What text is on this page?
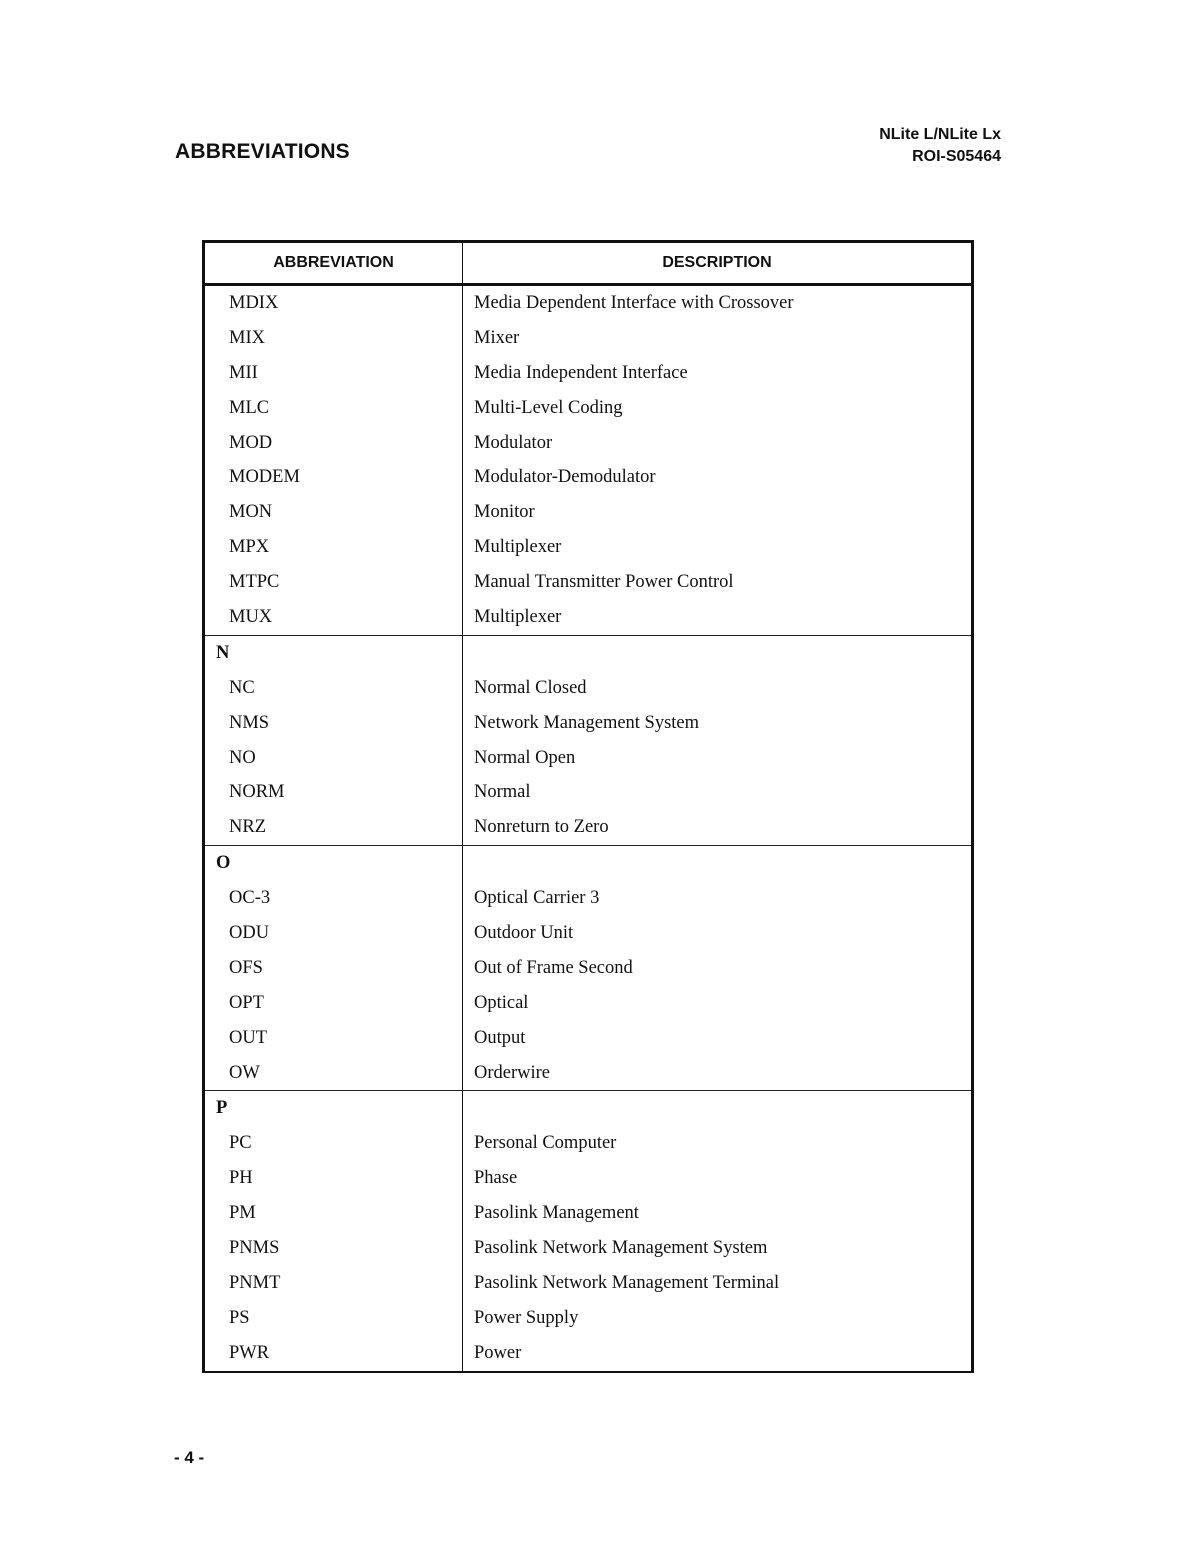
ABBREVIATIONS
NLite L/NLite Lx
ROI-S05464
ABBREVIATION	DESCRIPTION
MDIX	Media Dependent Interface with Crossover
MIX	Mixer
MII	Media Independent Interface
MLC	Multi-Level Coding
MOD	Modulator
MODEM	Modulator-Demodulator
MON	Monitor
MPX	Multiplexer
MTPC	Manual Transmitter Power Control
MUX	Multiplexer
N	
NC	Normal Closed
NMS	Network Management System
NO	Normal Open
NORM	Normal
NRZ	Nonreturn to Zero
O	
OC-3	Optical Carrier 3
ODU	Outdoor Unit
OFS	Out of Frame Second
OPT	Optical
OUT	Output
OW	Orderwire
P	
PC	Personal Computer
PH	Phase
PM	Pasolink Management
PNMS	Pasolink Network Management System
PNMT	Pasolink Network Management Terminal
PS	Power Supply
PWR	Power
- 4 -
